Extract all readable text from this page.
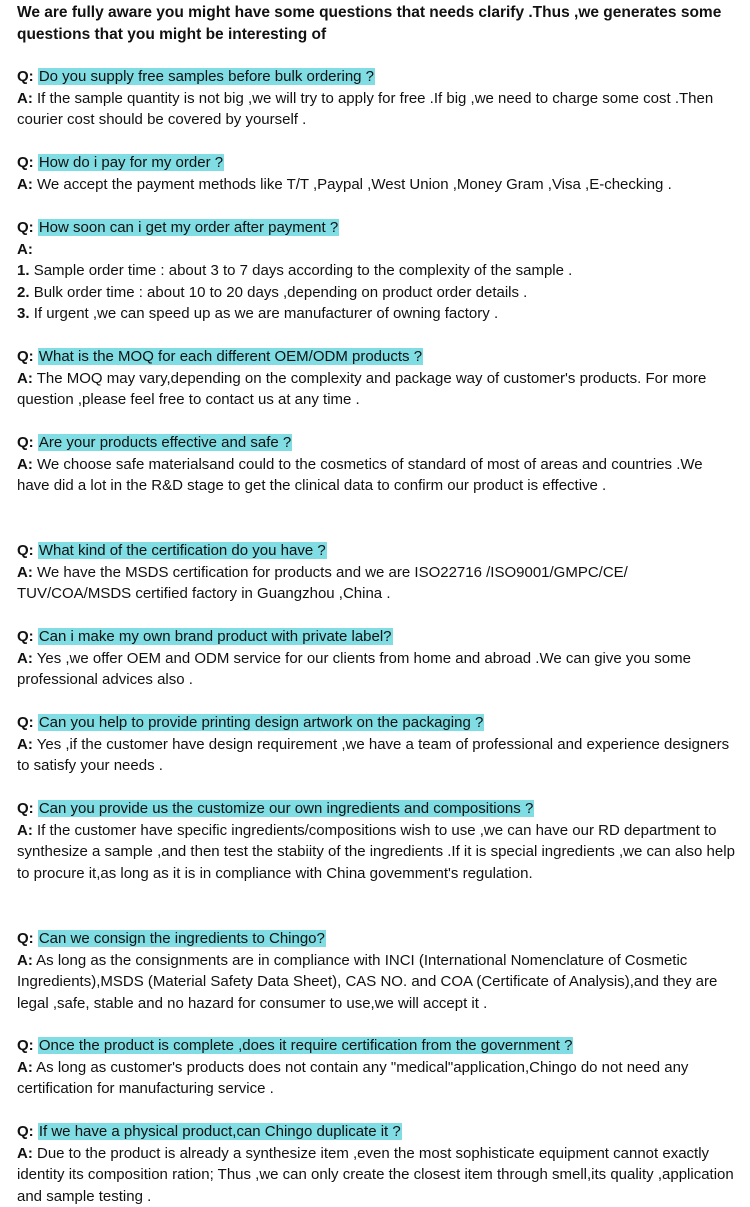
We are fully aware you might have some questions that needs clarify .Thus ,we generates some questions that you might be interesting of

Q: Do you supply free samples before bulk ordering ?

A: If the sample quantity is not big ,we will try to apply for free .If big ,we need to charge some cost .Then courier cost should be covered by yourself .

Q: How do i pay for my order ?

A: We accept the payment methods like T/T ,Paypal ,West Union ,Money Gram ,Visa ,E-checking .

Q: How soon can i get my order after payment ?

A:

1. Sample order time : about 3 to 7 days according to the complexity of the sample .

2. Bulk order time : about 10 to 20 days ,depending on product order details .

3. If urgent ,we can speed up as we are manufacturer of owning factory .

Q: What is the MOQ for each different OEM/ODM products ?

A: The MOQ may vary,depending on the complexity and package way of customer's products. For more question ,please feel free to contact us at any time .

Q: Are your products effective and safe ?

A: We choose safe materialsand could to the cosmetics of standard of most of areas and countries .We have did a lot in the R&D stage to get the clinical data to confirm our product is effective .

Q: What kind of the certification do you have ?

A: We have the MSDS certification for products and we are ISO22716 /ISO9001/GMPC/CE/ TUV/COA/MSDS certified factory in Guangzhou ,China .

Q: Can i make my own brand product with private label?

A: Yes ,we offer OEM and ODM service for our clients from home and abroad .We can give you some professional advices also .

Q: Can you help to provide printing design artwork on the packaging ?

A: Yes ,if the customer have design requirement ,we have a team of professional and experience designers to satisfy your needs .

Q: Can you provide us the customize our own ingredients and compositions ?

A: If the customer have specific ingredients/compositions wish to use ,we can have our RD department to synthesize a sample ,and then test the stabiity of the ingredients .If it is special ingredients ,we can also help to procure it,as long as it is in compliance with China govemment's regulation.

Q: Can we consign the ingredients to Chingo?

A: As long as the consignments are in compliance with INCI (International Nomenclature of Cosmetic Ingredients),MSDS (Material Safety Data Sheet), CAS NO. and COA (Certificate of Analysis),and they are legal ,safe, stable and no hazard for consumer to use,we will accept it .

Q: Once the product is complete ,does it require certification from the government ?

A: As long as customer's products does not contain any "medical"application,Chingo do not need any certification for manufacturing service .

Q: If we have a physical product,can Chingo duplicate it ?

A: Due to the product is already a synthesize item ,even the most sophisticate equipment cannot exactly identity its composition ration; Thus ,we can only create the closest item through smell,its quality ,application and sample testing .
